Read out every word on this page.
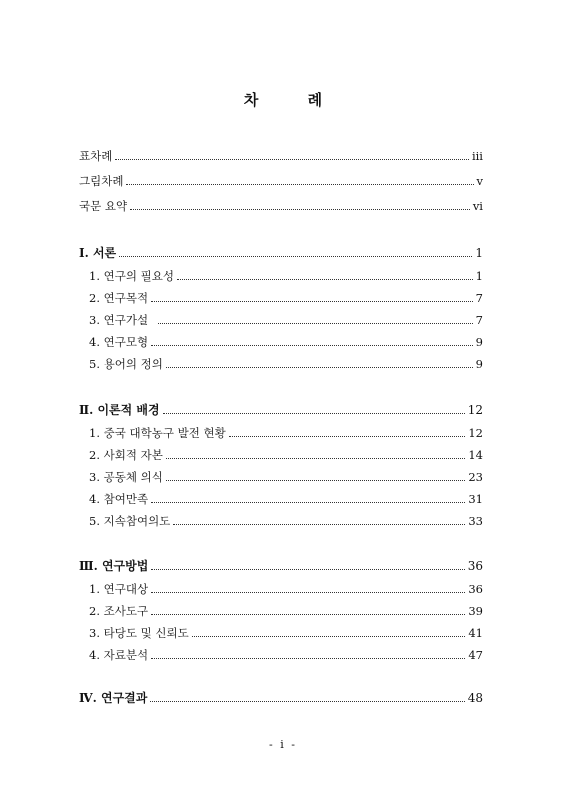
차 례
표차례	iii
그림차례	v
국문 요약	vi
Ⅰ. 서론	1
1. 연구의 필요성	1
2. 연구목적	7
3. 연구가설	7
4. 연구모형	9
5. 용어의 정의	9
Ⅱ. 이론적 배경	12
1. 중국 대학농구 발전 현황	12
2. 사회적 자본	14
3. 공동체 의식	23
4. 참여만족	31
5. 지속참여의도	33
Ⅲ. 연구방법	36
1. 연구대상	36
2. 조사도구	39
3. 타당도 및 신뢰도	41
4. 자료분석	47
Ⅳ. 연구결과	48
- i -
